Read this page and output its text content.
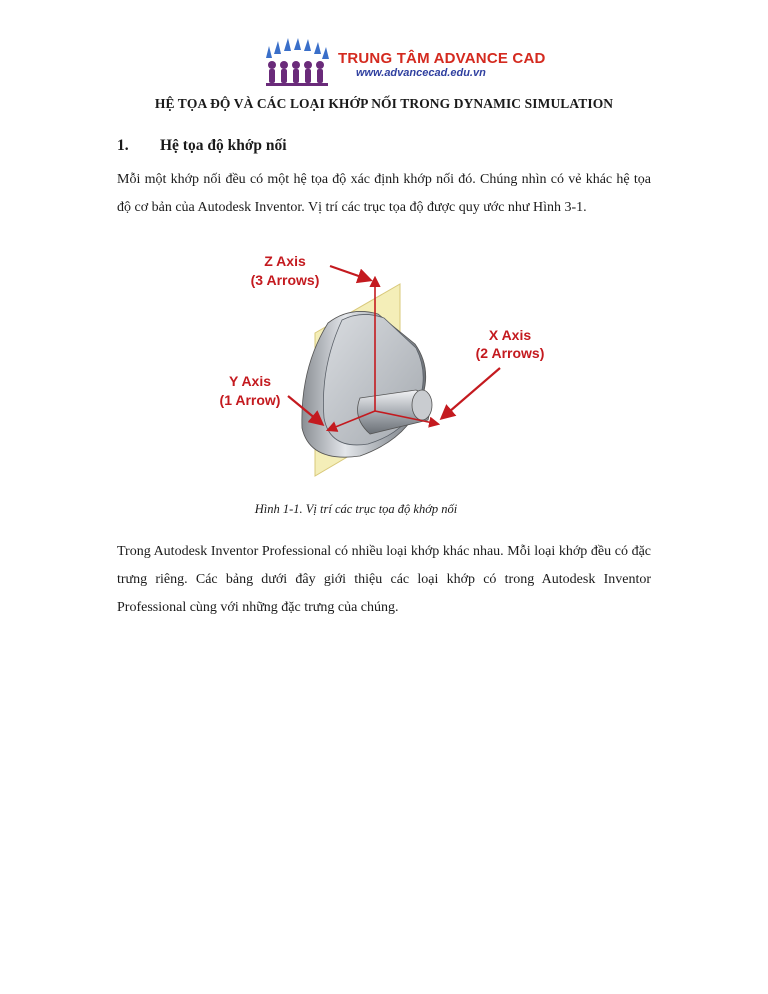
TRUNG TÂM ADVANCE CAD
www.advancecad.edu.vn
HỆ TỌA ĐỘ VÀ CÁC LOẠI KHỚP NỐI TRONG DYNAMIC SIMULATION
1. Hệ tọa độ khớp nối

Mỗi một khớp nối đều có một hệ tọa độ xác định khớp nối đó. Chúng nhìn có vẻ khác hệ tọa độ cơ bản của Autodesk Inventor. Vị trí các trục tọa độ được quy ước như Hình 3-1.

Z Axis
(3 Arrows)
X Axis
(2 Arrows)
Y Axis
(1 Arrow)
Hình 1-1. Vị trí các trục tọa độ khớp nối

Trong Autodesk Inventor Professional có nhiều loại khớp khác nhau. Mỗi loại khớp đều có đặc trưng riêng. Các bảng dưới đây giới thiệu các loại khớp có trong Autodesk Inventor Professional cùng với những đặc trưng của chúng.
